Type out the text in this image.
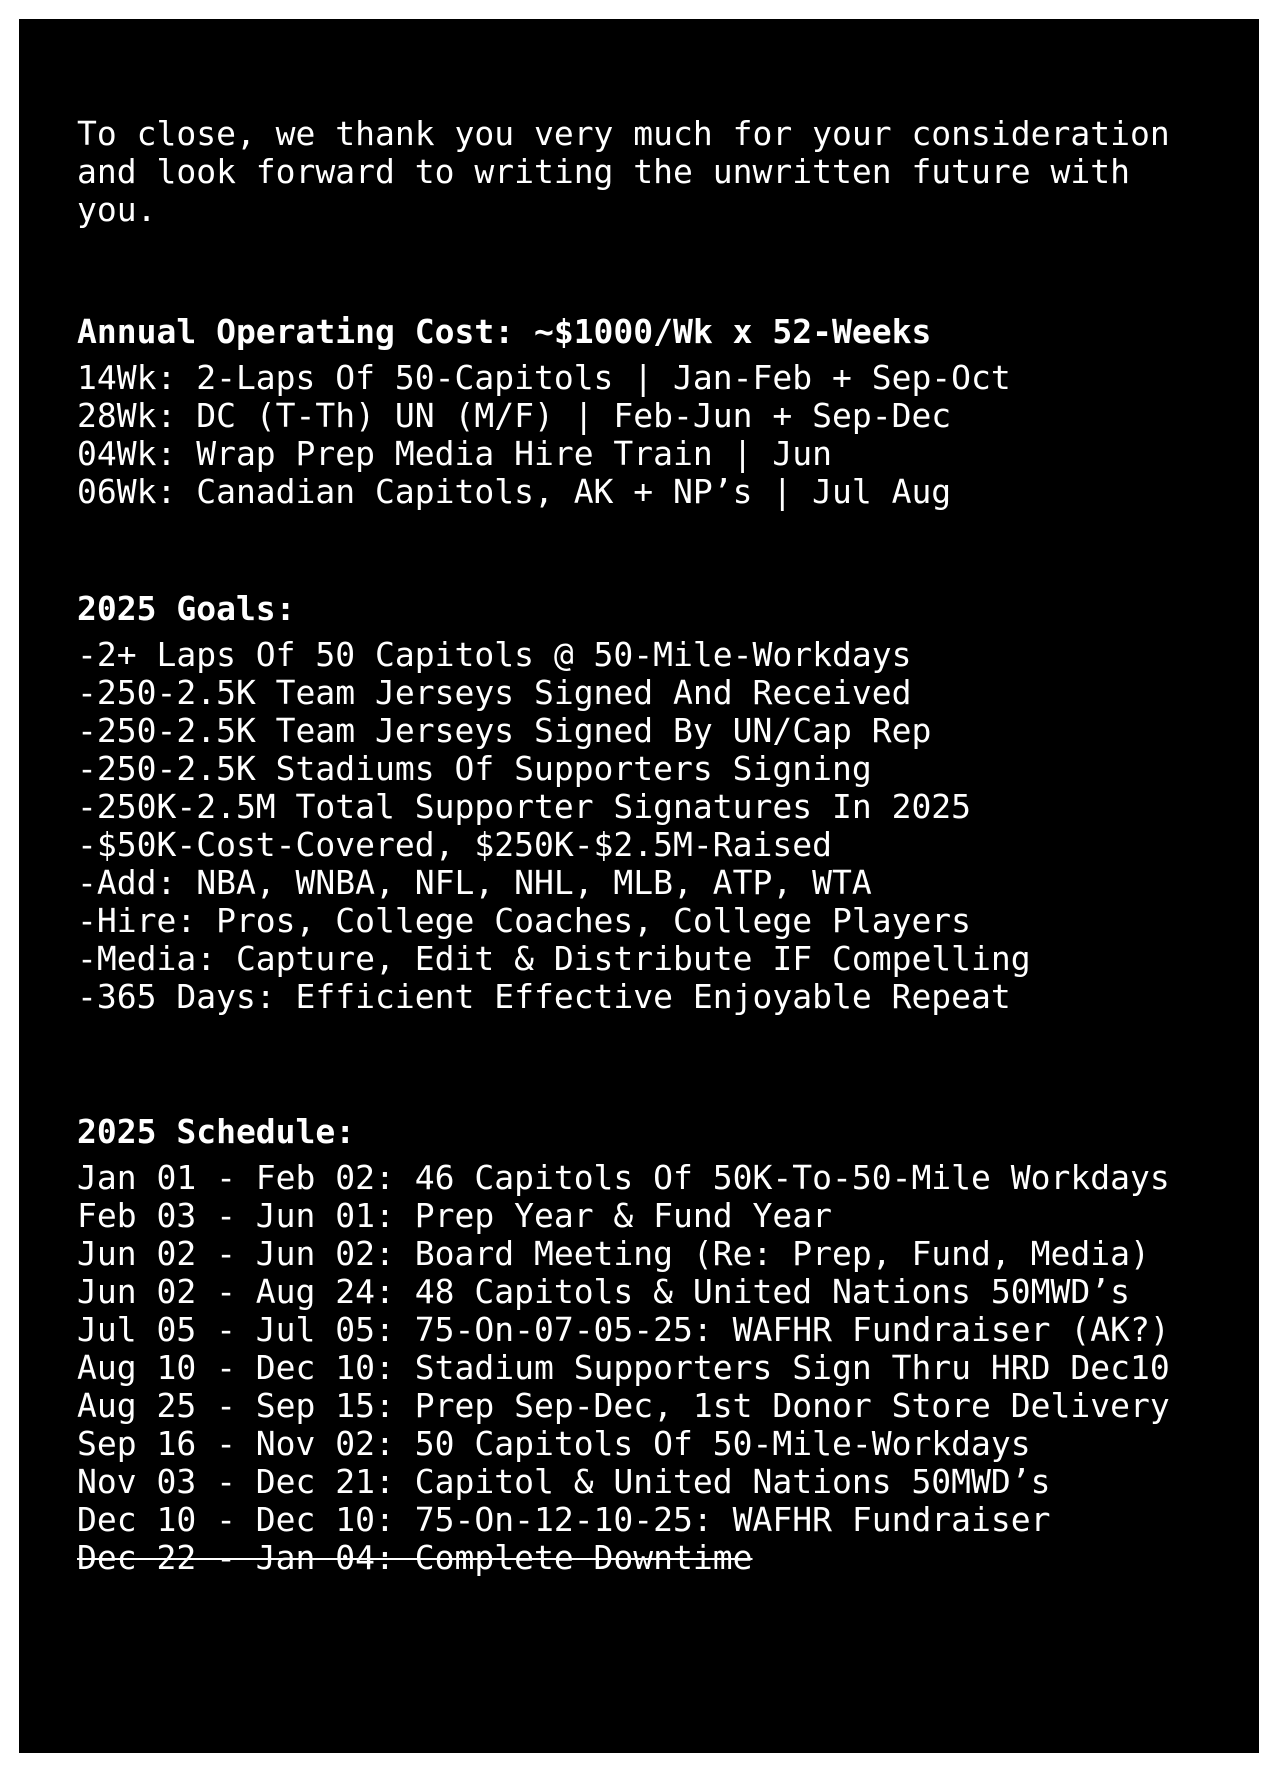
To close, we thank you very much for your consideration
and look forward to writing the unwritten future with
you.
Annual Operating Cost: ~$1000/Wk x 52-Weeks
14Wk: 2-Laps Of 50-Capitols | Jan-Feb + Sep-Oct
28Wk: DC (T-Th) UN (M/F) | Feb-Jun + Sep-Dec
04Wk: Wrap Prep Media Hire Train | Jun
06Wk: Canadian Capitols, AK + NP’s | Jul Aug
2025 Goals:
-2+ Laps Of 50 Capitols @ 50-Mile-Workdays
-250-2.5K Team Jerseys Signed And Received
-250-2.5K Team Jerseys Signed By UN/Cap Rep
-250-2.5K Stadiums Of Supporters Signing
-250K-2.5M Total Supporter Signatures In 2025
-$50K-Cost-Covered, $250K-$2.5M-Raised
-Add: NBA, WNBA, NFL, NHL, MLB, ATP, WTA
-Hire: Pros, College Coaches, College Players
-Media: Capture, Edit & Distribute IF Compelling
-365 Days: Efficient Effective Enjoyable Repeat
2025 Schedule:
Jan 01 - Feb 02: 46 Capitols Of 50K-To-50-Mile Workdays
Feb 03 - Jun 01: Prep Year & Fund Year
Jun 02 - Jun 02: Board Meeting (Re: Prep, Fund, Media)
Jun 02 - Aug 24: 48 Capitols & United Nations 50MWD’s
Jul 05 - Jul 05: 75-On-07-05-25: WAFHR Fundraiser (AK?)
Aug 10 - Dec 10: Stadium Supporters Sign Thru HRD Dec10
Aug 25 - Sep 15: Prep Sep-Dec, 1st Donor Store Delivery
Sep 16 - Nov 02: 50 Capitols Of 50-Mile-Workdays
Nov 03 - Dec 21: Capitol & United Nations 50MWD’s
Dec 10 - Dec 10: 75-On-12-10-25: WAFHR Fundraiser
Dec 22 - Jan 04: Complete Downtime
